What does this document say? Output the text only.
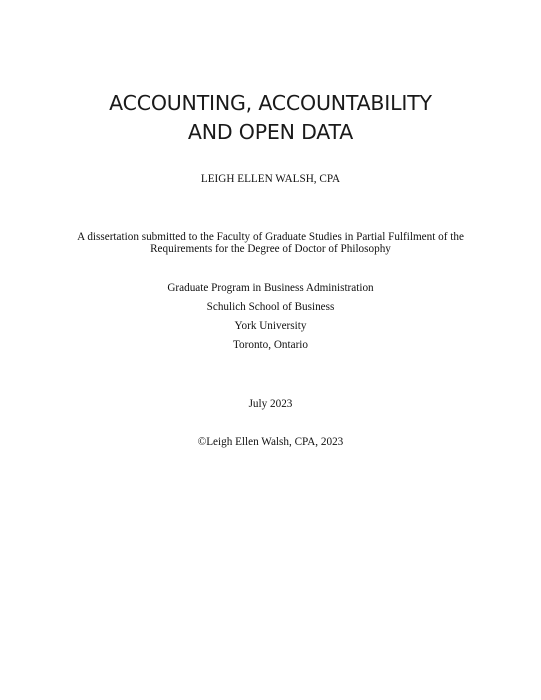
ACCOUNTING, ACCOUNTABILITY
AND OPEN DATA
LEIGH ELLEN WALSH, CPA
A dissertation submitted to the Faculty of Graduate Studies in Partial Fulfilment of the
Requirements for the Degree of Doctor of Philosophy
Graduate Program in Business Administration
Schulich School of Business
York University
Toronto, Ontario
July 2023
©Leigh Ellen Walsh, CPA, 2023
